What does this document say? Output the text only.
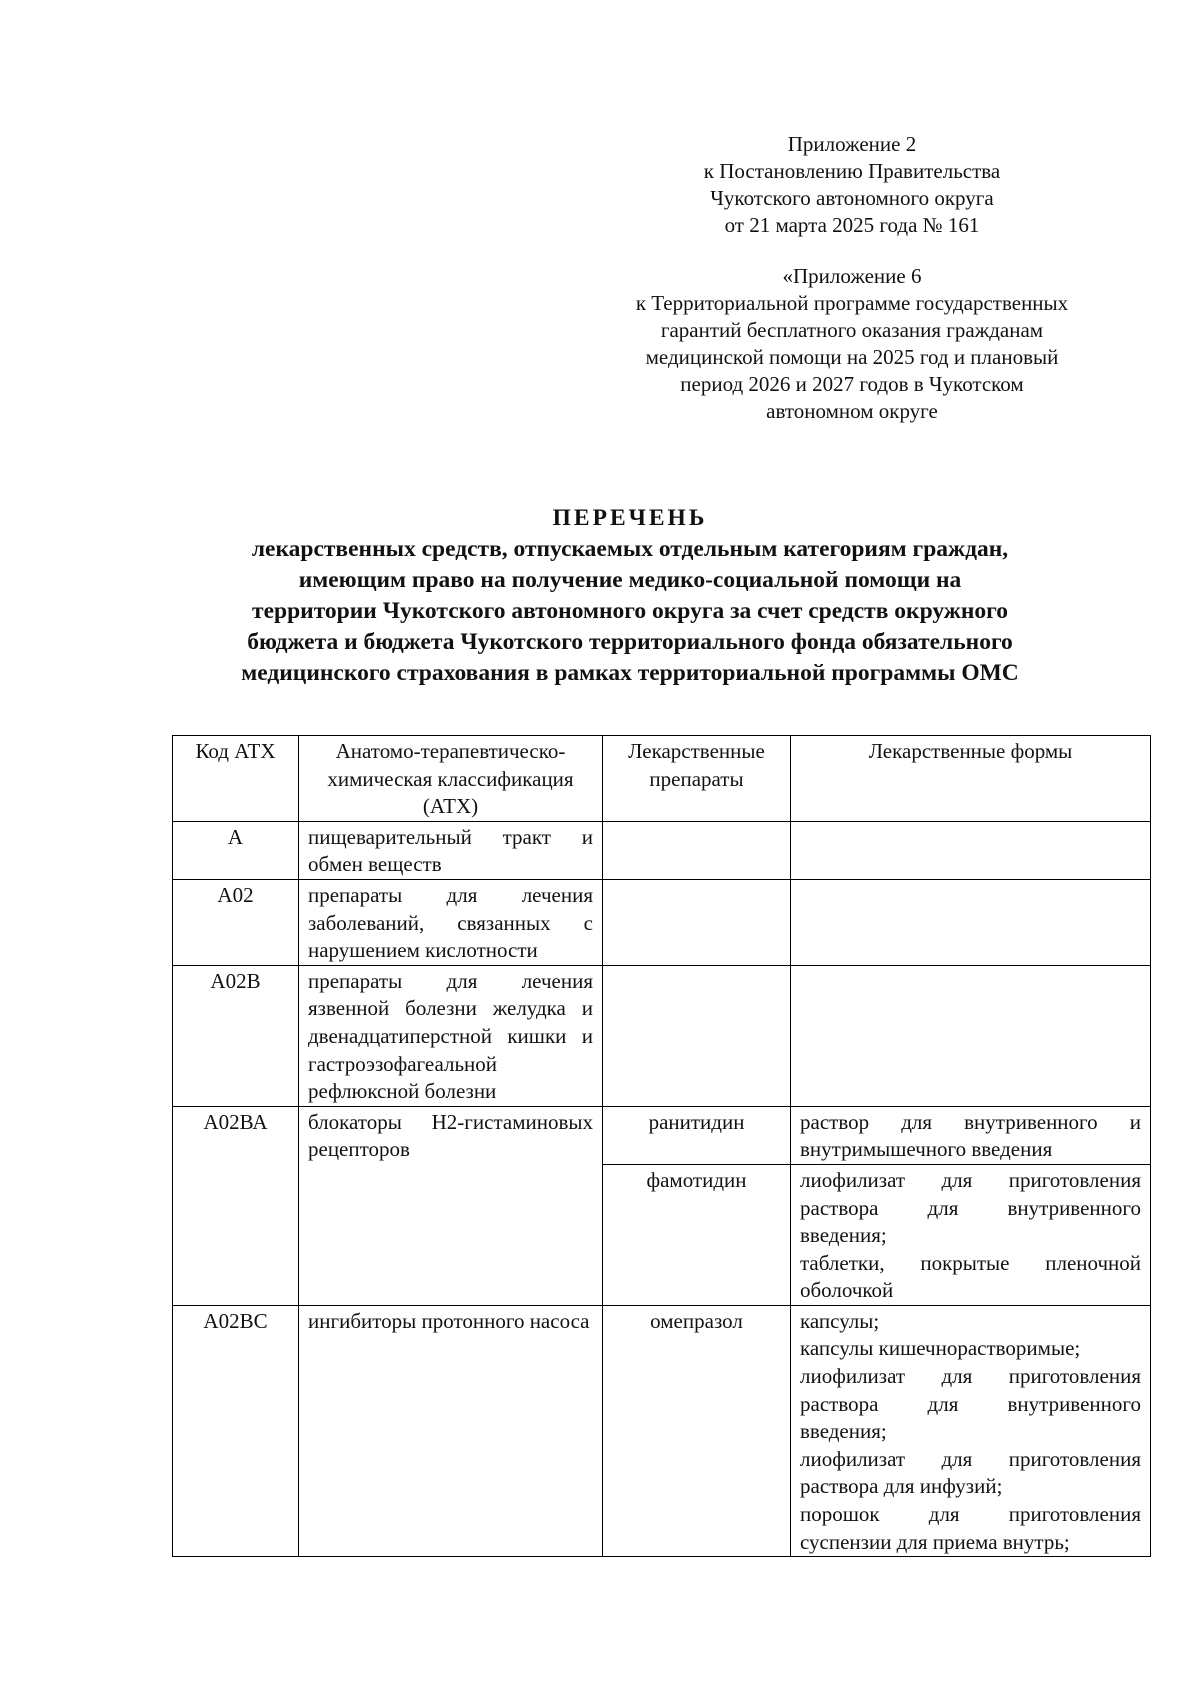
Приложение 2
к Постановлению Правительства
Чукотского автономного округа
от 21 марта 2025 года № 161
«Приложение 6
к Территориальной программе государственных
гарантий бесплатного оказания гражданам
медицинской помощи на 2025 год и плановый
период 2026 и 2027 годов в Чукотском
автономном округе
ПЕРЕЧЕНЬ
лекарственных средств, отпускаемых отдельным категориям граждан,
имеющим право на получение медико-социальной помощи на
территории Чукотского автономного округа за счет средств окружного
бюджета и бюджета Чукотского территориального фонда обязательного
медицинского страхования в рамках территориальной программы ОМС
Код АТХ	Анатомо-терапевтическо-химическая классификация (АТХ)	Лекарственные препараты	Лекарственные формы
А	пищеварительный тракт и обмен веществ		
А02	препараты для лечения заболеваний, связанных с нарушением кислотности		
А02В	препараты для лечения язвенной болезни желудка и двенадцатиперстной кишки и гастроэзофагеальной рефлюксной болезни		
А02ВА	блокаторы Н2-гистаминовых рецепторов	ранитидин	раствор для внутривенного и внутримышечного введения

		фамотидин	лиофилизат для приготовления раствора для внутривенного введения;
таблетки, покрытые пленочной оболочкой

А02ВС	ингибиторы протонного насоса	омепразол	капсулы;
капсулы кишечнорастворимые;
лиофилизат для приготовления раствора для внутривенного введения;
лиофилизат для приготовления раствора для инфузий;
порошок для приготовления суспензии для приема внутрь;
